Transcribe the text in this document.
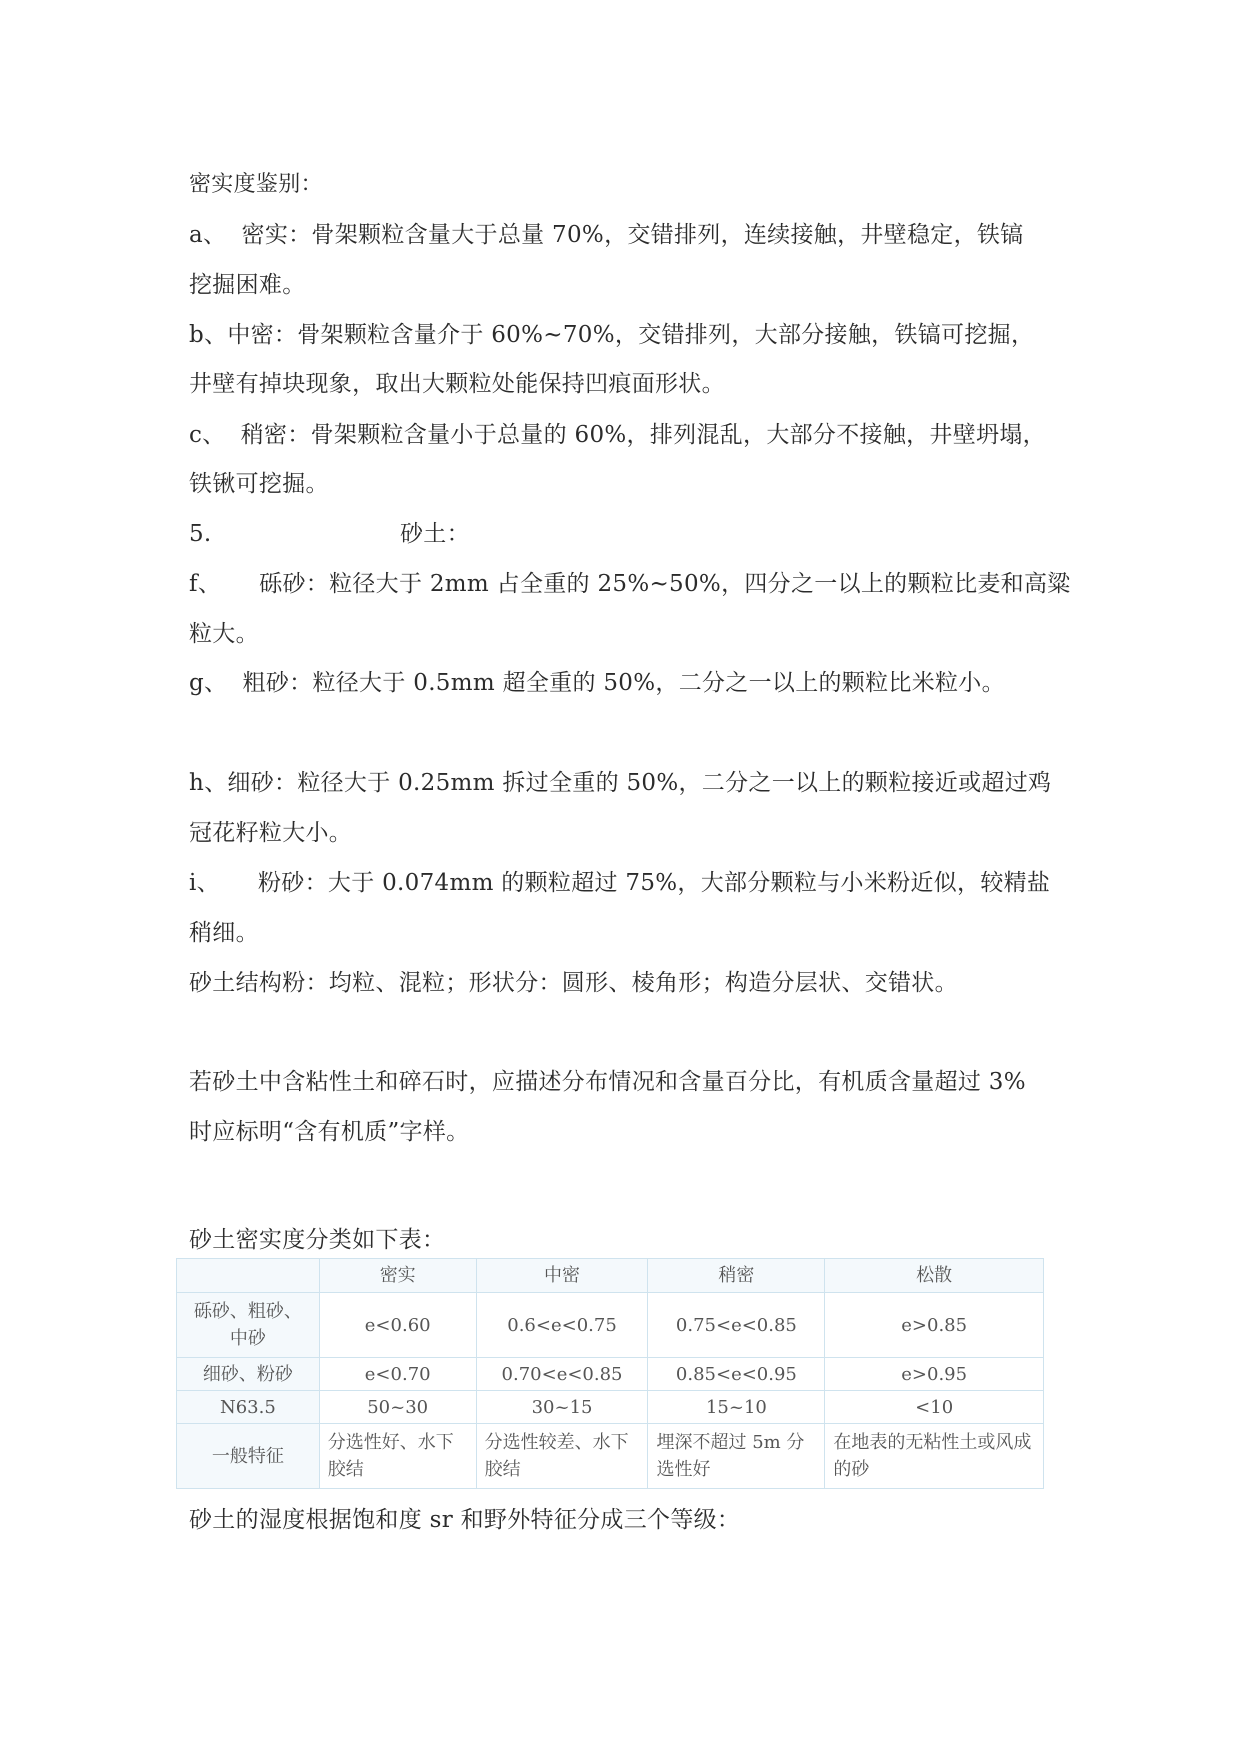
密实度鉴别：
a、  密实：骨架颗粒含量大于总量 70%，交错排列，连续接触，井壁稳定，铁镐
挖掘困难。
b、中密：骨架颗粒含量介于 60%~70%，交错排列，大部分接触，铁镐可挖掘，
井壁有掉块现象，取出大颗粒处能保持凹痕面形状。
c、  稍密：骨架颗粒含量小于总量的 60%，排列混乱，大部分不接触，井壁坍塌，
铁锹可挖掘。
5.	砂土：
f、     砾砂：粒径大于 2mm 占全重的 25%~50%，四分之一以上的颗粒比麦和高粱
粒大。
g、  粗砂：粒径大于 0.5mm 超全重的 50%，二分之一以上的颗粒比米粒小。
h、细砂：粒径大于 0.25mm 拆过全重的 50%，二分之一以上的颗粒接近或超过鸡
冠花籽粒大小。
i、     粉砂：大于 0.074mm 的颗粒超过 75%，大部分颗粒与小米粉近似，较精盐
稍细。
砂土结构粉：均粒、混粒；形状分：圆形、棱角形；构造分层状、交错状。
若砂土中含粘性土和碎石时，应描述分布情况和含量百分比，有机质含量超过 3%
时应标明“含有机质”字样。
砂土密实度分类如下表：
	密实	中密	稍密	松散
砾砂、粗砂、中砂	e<0.60	0.6<e<0.75	0.75<e<0.85	e>0.85
细砂、粉砂	e<0.70	0.70<e<0.85	0.85<e<0.95	e>0.95
N63.5	50~30	30~15	15~10	<10
一般特征	分选性好、水下胶结	分选性较差、水下胶结	埋深不超过 5m 分选性好	在地表的无粘性土或风成的砂
砂土的湿度根据饱和度 sr 和野外特征分成三个等级：
